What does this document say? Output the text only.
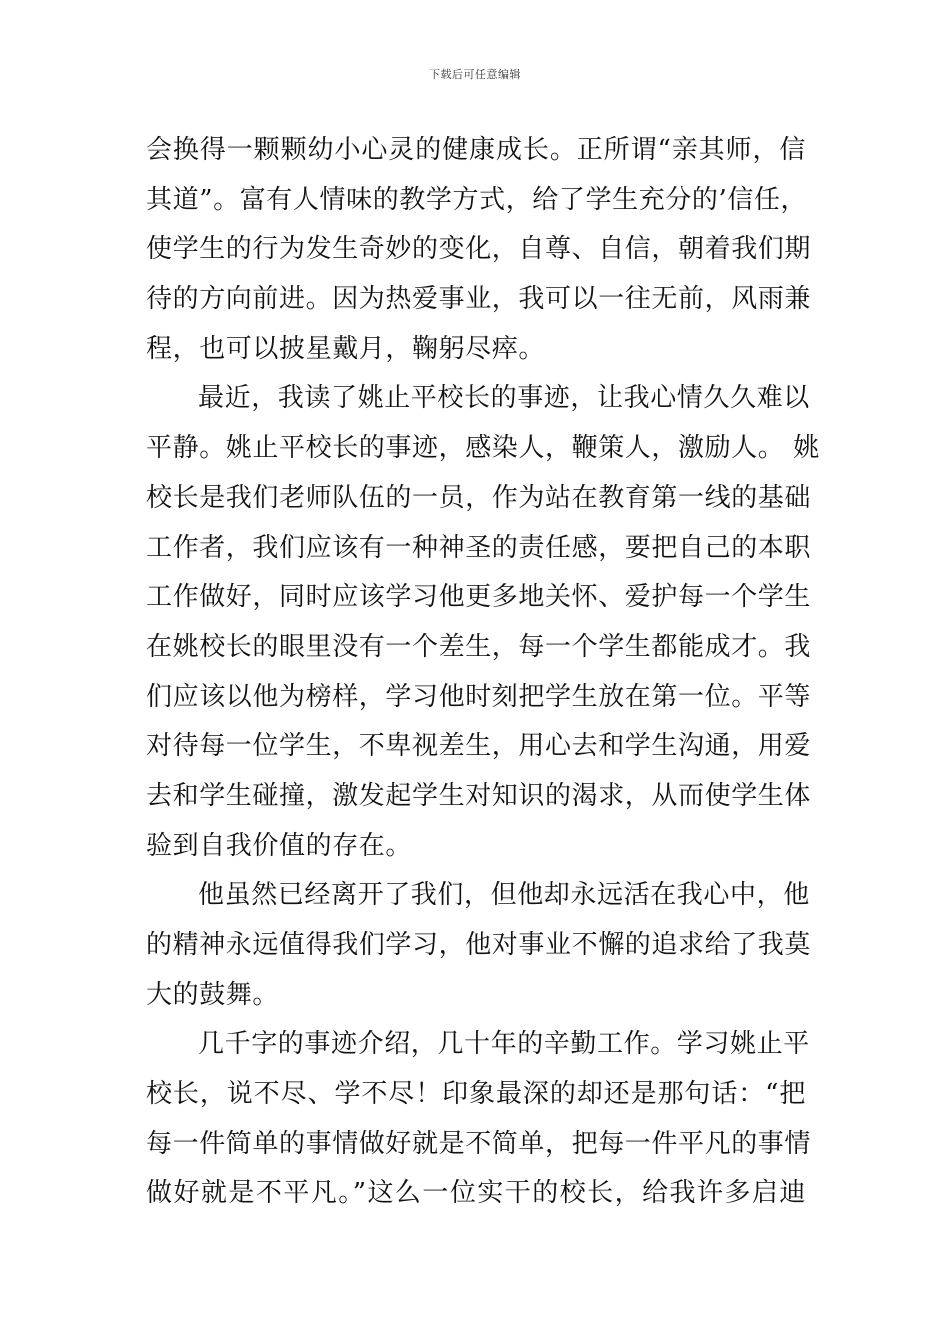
下载后可任意编辑
会换得一颗颗幼小心灵的健康成长。正所谓“亲其师，信
其道”。富有人情味的教学方式，给了学生充分的’信任，
使学生的行为发生奇妙的变化，自尊、自信，朝着我们期
待的方向前进。因为热爱事业，我可以一往无前，风雨兼
程，也可以披星戴月，鞠躬尽瘁。
最近，我读了姚止平校长的事迹，让我心情久久难以
平静。姚止平校长的事迹，感染人，鞭策人，激励人。 姚
校长是我们老师队伍的一员，作为站在教育第一线的基础
工作者，我们应该有一种神圣的责任感，要把自己的本职
工作做好，同时应该学习他更多地关怀、爱护每一个学生
在姚校长的眼里没有一个差生，每一个学生都能成才。我
们应该以他为榜样，学习他时刻把学生放在第一位。平等
对待每一位学生，不卑视差生，用心去和学生沟通，用爱
去和学生碰撞，激发起学生对知识的渴求，从而使学生体
验到自我价值的存在。
他虽然已经离开了我们，但他却永远活在我心中，他
的精神永远值得我们学习，他对事业不懈的追求给了我莫
大的鼓舞。
几千字的事迹介绍，几十年的辛勤工作。学习姚止平
校长，说不尽、学不尽！印象最深的却还是那句话：“把
每一件简单的事情做好就是不简单，把每一件平凡的事情
做好就是不平凡。”这么一位实干的校长，给我许多启迪
